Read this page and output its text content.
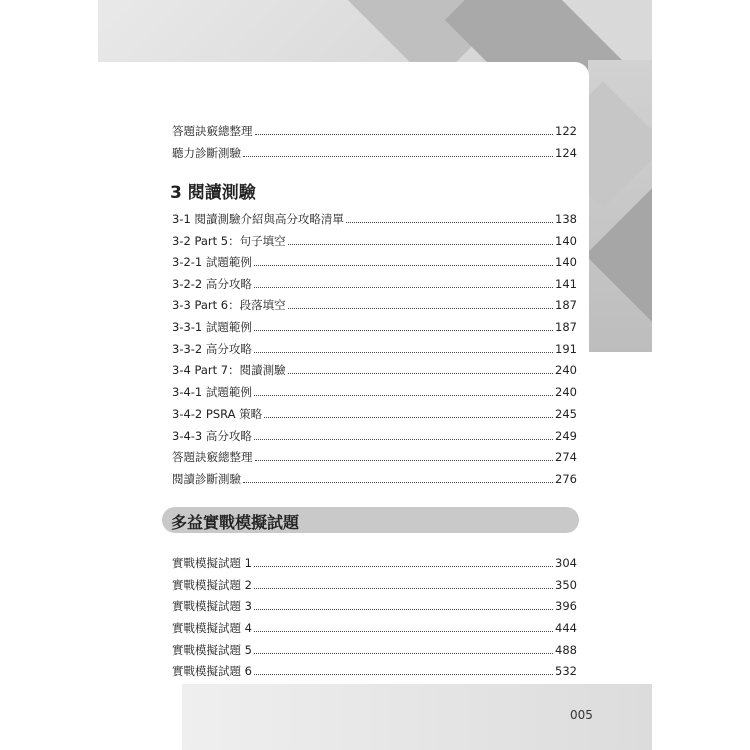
答題訣竅總整理	122
聽力診斷測驗	124
3 閱讀測驗
3-1 閱讀測驗介紹與高分攻略清單	138
3-2 Part 5：句子填空	140
3-2-1 試題範例	140
3-2-2 高分攻略	141
3-3 Part 6：段落填空	187
3-3-1 試題範例	187
3-3-2 高分攻略	191
3-4 Part 7：閱讀測驗	240
3-4-1 試題範例	240
3-4-2 PSRA 策略	245
3-4-3 高分攻略	249
答題訣竅總整理	274
閱讀診斷測驗	276
多益實戰模擬試題
實戰模擬試題 1	304
實戰模擬試題 2	350
實戰模擬試題 3	396
實戰模擬試題 4	444
實戰模擬試題 5	488
實戰模擬試題 6	532
005
